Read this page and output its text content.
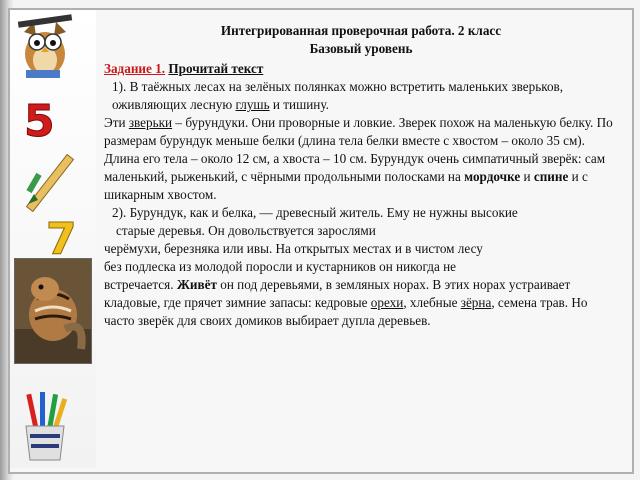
5
7
Интегрированная проверочная работа. 2 класс
Базовый уровень
Задание 1. Прочитай текст

1). В таёжных лесах на зелёных полянках можно встретить маленьких зверьков, оживляющих лесную глушь и тишину.

Эти зверьки – бурундуки. Они проворные и ловкие. Зверек похож на маленькую белку. По размерам бурундук меньше белки (длина тела белки вместе с хвостом – около 35 см). Длина его тела – около 12 см, а хвоста – 10 см. Бурундук очень симпатичный зверёк: сам маленький, рыженький, с чёрными продольными полосками на мордочке и спине и с шикарным хвостом.

2). Бурундук, как и белка, — древесный житель. Ему не нужны высокие

старые деревья. Он довольствуется зарослями

черёмухи, березняка или ивы. На открытых местах и в чистом лесу

без подлеска из молодой поросли и кустарников он никогда не

встречается. Живёт он под деревьями, в земляных норах. В этих норах устраивает кладовые, где прячет зимние запасы: кедровые орехи, хлебные зёрна, семена трав. Но часто зверёк для своих домиков выбирает дупла деревьев.
